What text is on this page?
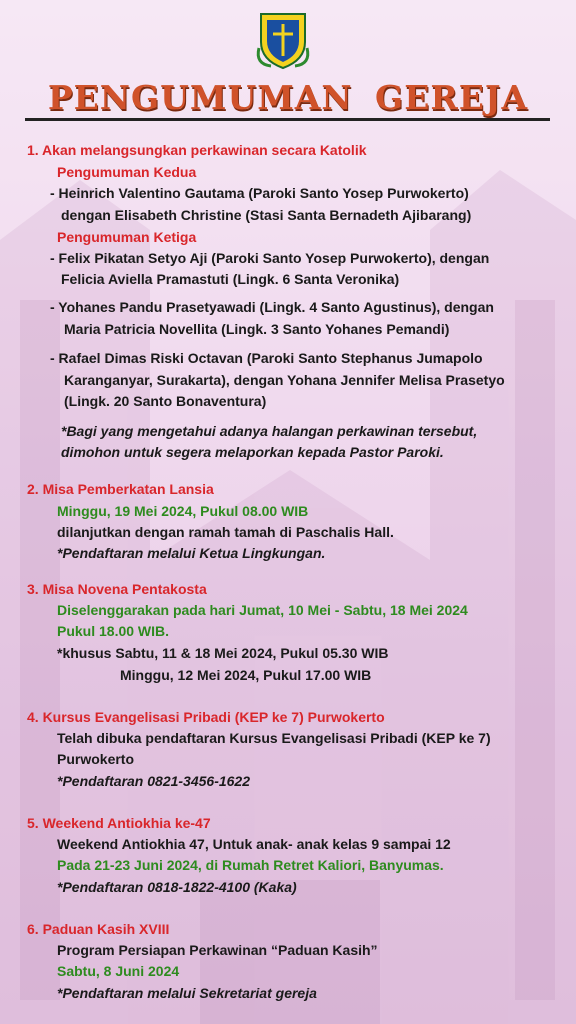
PENGUMUMAN GEREJA
1. Akan melangsungkan perkawinan secara Katolik
Pengumuman Kedua
- Heinrich Valentino Gautama (Paroki Santo Yosep Purwokerto)
dengan Elisabeth Christine (Stasi Santa Bernadeth Ajibarang)
Pengumuman Ketiga
- Felix Pikatan Setyo Aji (Paroki Santo Yosep Purwokerto), dengan
Felicia Aviella Pramastuti (Lingk. 6 Santa Veronika)
- Yohanes Pandu Prasetyawadi (Lingk. 4 Santo Agustinus), dengan
Maria Patricia Novellita (Lingk. 3 Santo Yohanes Pemandi)
- Rafael Dimas Riski Octavan (Paroki Santo Stephanus Jumapolo
Karanganyar, Surakarta), dengan Yohana Jennifer Melisa Prasetyo
(Lingk. 20 Santo Bonaventura)
*Bagi yang mengetahui adanya halangan perkawinan tersebut,
dimohon untuk segera melaporkan kepada Pastor Paroki.
2. Misa Pemberkatan Lansia
Minggu, 19 Mei 2024, Pukul 08.00 WIB
dilanjutkan dengan ramah tamah di Paschalis Hall.
*Pendaftaran melalui Ketua Lingkungan.
3. Misa Novena Pentakosta
Diselenggarakan pada hari Jumat, 10 Mei - Sabtu, 18 Mei 2024
Pukul 18.00 WIB.
*khusus Sabtu, 11 & 18 Mei 2024, Pukul 05.30 WIB
Minggu, 12 Mei 2024, Pukul 17.00 WIB
4. Kursus Evangelisasi Pribadi (KEP ke 7) Purwokerto
Telah dibuka pendaftaran Kursus Evangelisasi Pribadi (KEP ke 7)
Purwokerto
*Pendaftaran 0821-3456-1622
5. Weekend Antiokhia ke-47
Weekend Antiokhia 47, Untuk anak- anak kelas 9 sampai 12
Pada 21-23 Juni 2024, di Rumah Retret Kaliori, Banyumas.
*Pendaftaran 0818-1822-4100 (Kaka)
6. Paduan Kasih XVIII
Program Persiapan Perkawinan “Paduan Kasih”
Sabtu, 8 Juni 2024
*Pendaftaran melalui Sekretariat gereja
